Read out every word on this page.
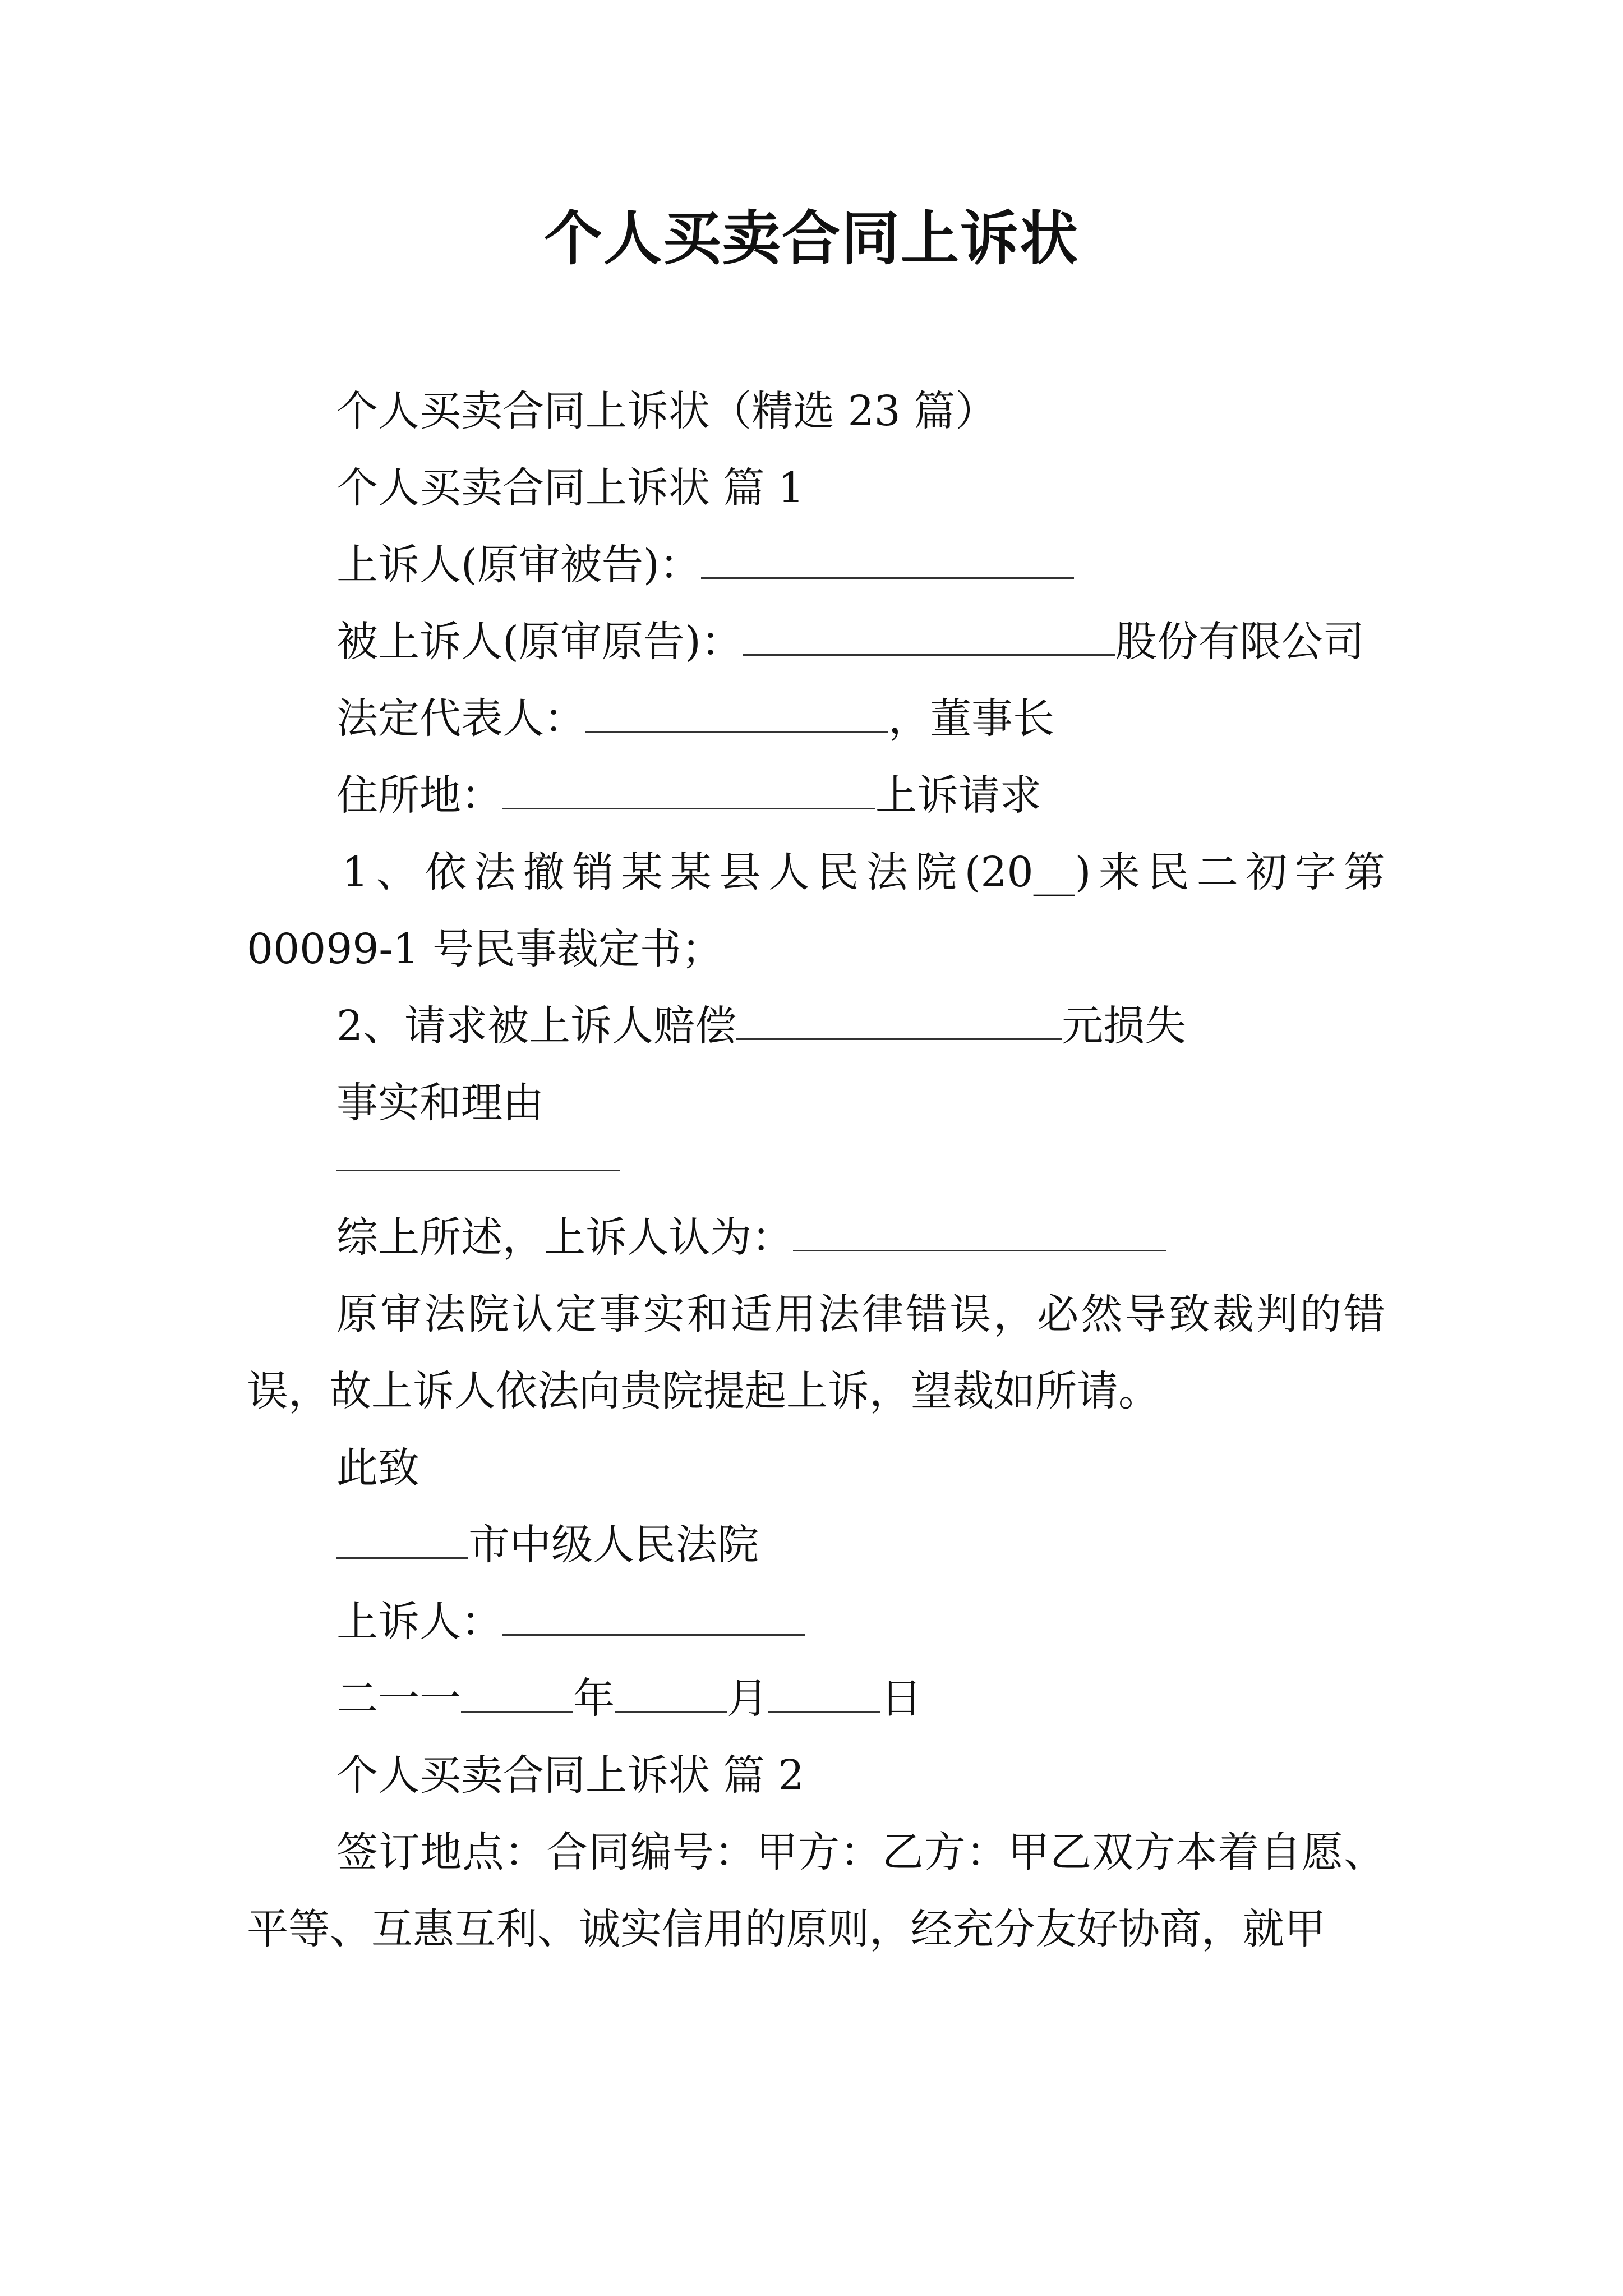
个人买卖合同上诉状

个人买卖合同上诉状（精选 23 篇）

个人买卖合同上诉状 篇 1

上诉人(原审被告)：

被上诉人(原审原告)：	股份有限公司

法定代表人：	，董事长

住所地：	上诉请求

1、依法撤销某某县人民法院(20__)来民二初字第 00099-1 号民事裁定书；

2、请求被上诉人赔偿	元损失

事实和理由

综上所述，上诉人认为：

原审法院认定事实和适用法律错误，必然导致裁判的错误，故上诉人依法向贵院提起上诉，望裁如所请。

此致

市中级人民法院

上诉人：

二一一	年	月	日

个人买卖合同上诉状 篇 2

签订地点：合同编号：甲方：乙方：甲乙双方本着自愿、平等、互惠互利、诚实信用的原则，经充分友好协商，就甲
